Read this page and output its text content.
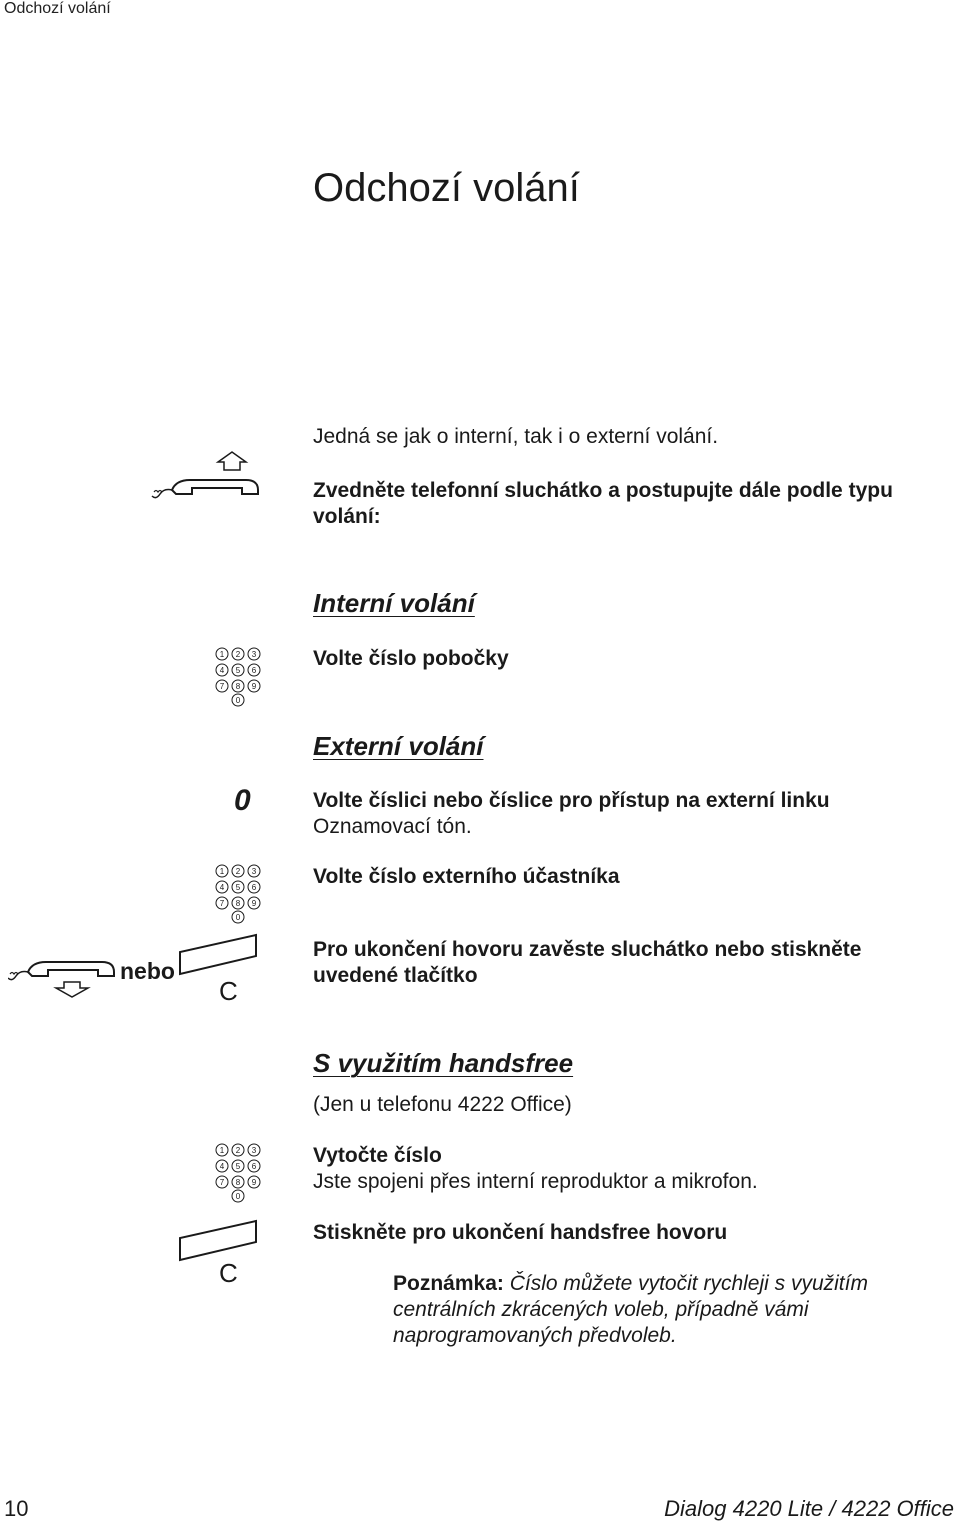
Odchozí volání
Odchozí volání
Jedná se jak o interní, tak i o externí volání.
Zvedněte telefonní sluchátko a postupujte dále podle typu
volání:
Interní volání
1 2 3
4 5 6
7 8 9
0
Volte číslo pobočky
Externí volání
0	Volte číslici nebo číslice pro přístup na externí linku
Oznamovací tón.
1 2 3
4 5 6
7 8 9
0
Volte číslo externího účastníka
nebo
C
Pro ukončení hovoru zavěste sluchátko nebo stiskněte
uvedené tlačítko
S využitím handsfree
(Jen u telefonu 4222 Office)
1 2 3
4 5 6
7 8 9
0
Vytočte číslo
Jste spojeni přes interní reproduktor a mikrofon.
C
Stiskněte pro ukončení handsfree hovoru
Poznámka: Číslo můžete vytočit rychleji s využitím centrálních zkrácených voleb, případně vámi naprogramovaných předvoleb.
10	Dialog 4220 Lite / 4222 Office
